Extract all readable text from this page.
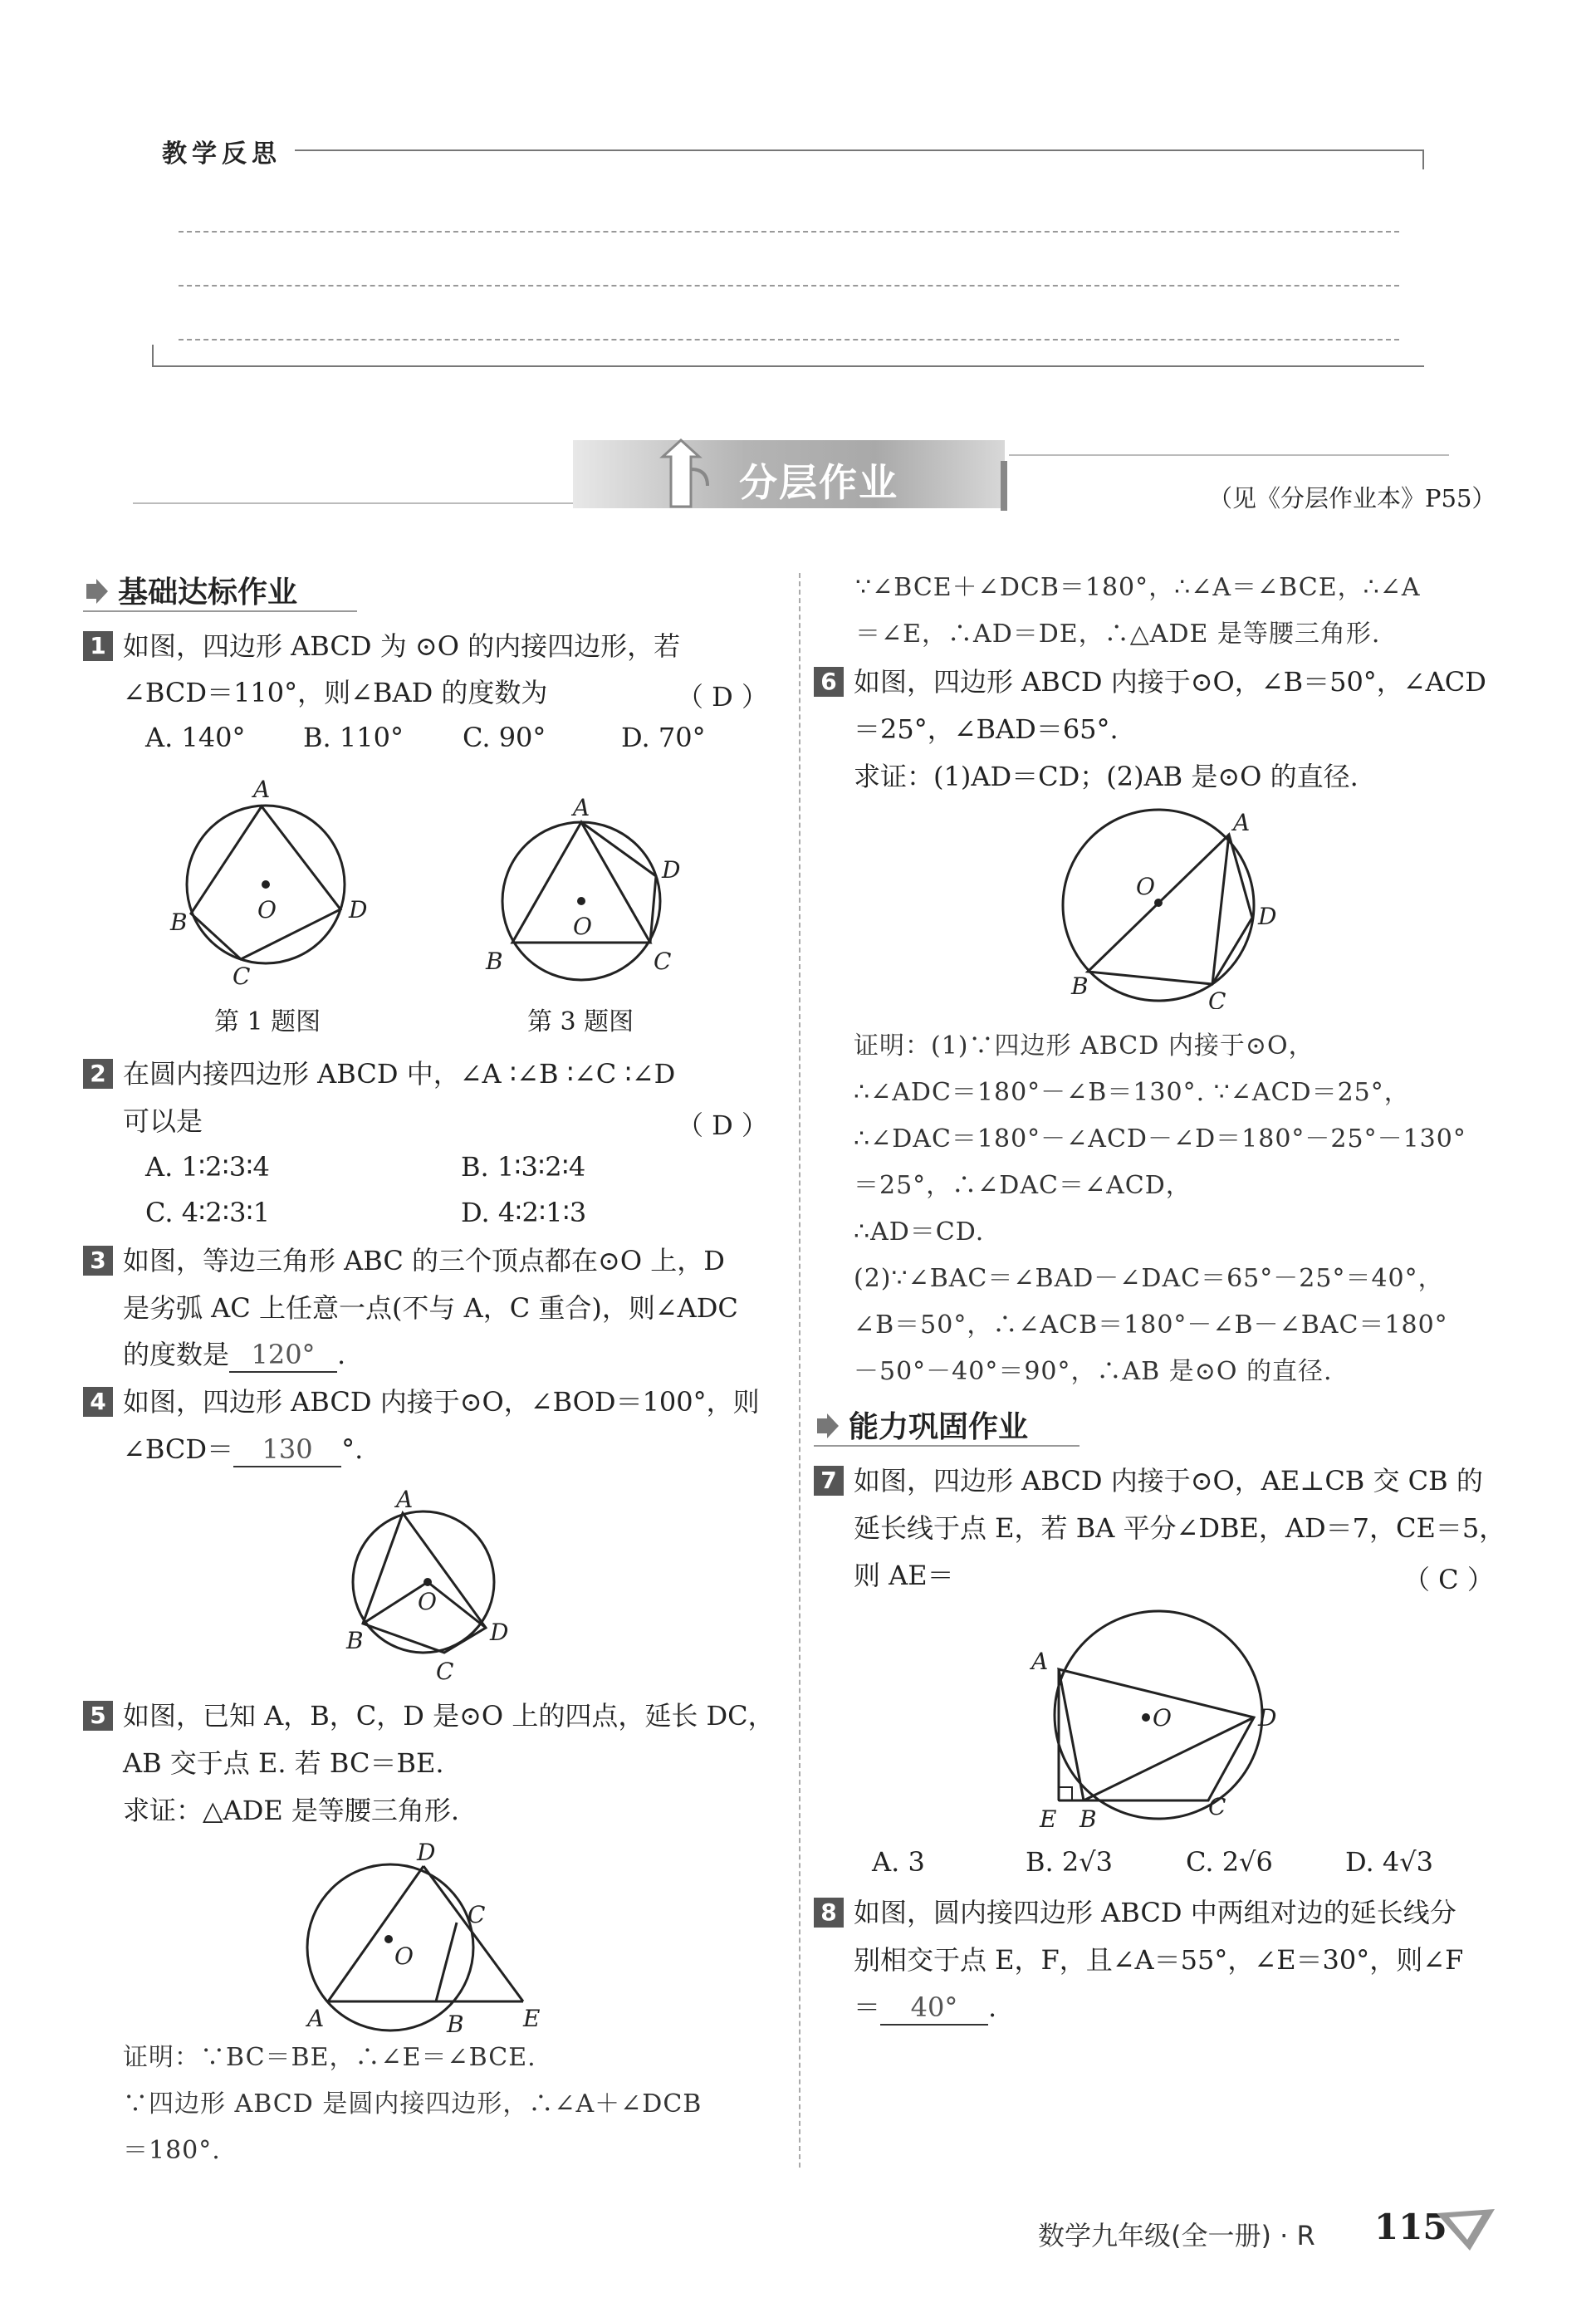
教学反思
分层作业	（见《分层作业本》P55）
基础达标作业
1 如图，四边形 ABCD 为 ⊙O 的内接四边形，若
∠BCD＝110°，则∠BAD 的度数为	（ D ）
A. 140° B. 110° C. 90°	D. 70°
A
B
C
D
O
第 1 题图
A
B	C
D
O
第 3 题图
2 在圆内接四边形 ABCD 中，∠A ∶∠B ∶∠C ∶∠D
可以是	（ D ）
A. 1∶2∶3∶4	B. 1∶3∶2∶4
C. 4∶2∶3∶1	D. 4∶2∶1∶3
3 如图，等边三角形 ABC 的三个顶点都在⊙O 上，D
是劣弧 AC 上任意一点(不与 A，C 重合)，则∠ADC
的度数是 120° .
4 如图，四边形 ABCD 内接于⊙O，∠BOD＝100°，则
∠BCD＝ 130 °.
A
B
C
D
O
5 如图，已知 A，B，C，D 是⊙O 上的四点，延长 DC，
AB 交于点 E. 若 BC＝BE.
求证：△ADE 是等腰三角形.
A	B
C
D
E
O
证明：∵BC＝BE，∴∠E＝∠BCE.
∵四边形 ABCD 是圆内接四边形，∴∠A＋∠DCB
＝180°.
∵∠BCE＋∠DCB＝180°，∴∠A＝∠BCE，∴∠A
＝∠E，∴AD＝DE，∴△ADE 是等腰三角形.
6 如图，四边形 ABCD 内接于⊙O，∠B＝50°，∠ACD
＝25°，∠BAD＝65°.
求证：(1)AD＝CD；(2)AB 是⊙O 的直径.
A
B
C
D
O
证明：(1)∵四边形 ABCD 内接于⊙O，
∴∠ADC＝180°－∠B＝130°. ∵∠ACD＝25°，
∴∠DAC＝180°－∠ACD－∠D＝180°－25°－130°
＝25°，∴∠DAC＝∠ACD，
∴AD＝CD.
(2)∵∠BAC＝∠BAD－∠DAC＝65°－25°＝40°，
∠B＝50°，∴∠ACB＝180°－∠B－∠BAC＝180°
－50°－40°＝90°，∴AB 是⊙O 的直径.
能力巩固作业
7 如图，四边形 ABCD 内接于⊙O，AE⊥CB 交 CB 的
延长线于点 E，若 BA 平分∠DBE，AD＝7，CE＝5，
则 AE＝	（ C ）
A
B	C
D
E
O
A. 3	B. 2√3	C. 2√6	D. 4√3
8 如图，圆内接四边形 ABCD 中两组对边的延长线分
别相交于点 E，F，且∠A＝55°，∠E＝30°，则∠F
＝ 40° .
数学九年级(全一册) · R 115
